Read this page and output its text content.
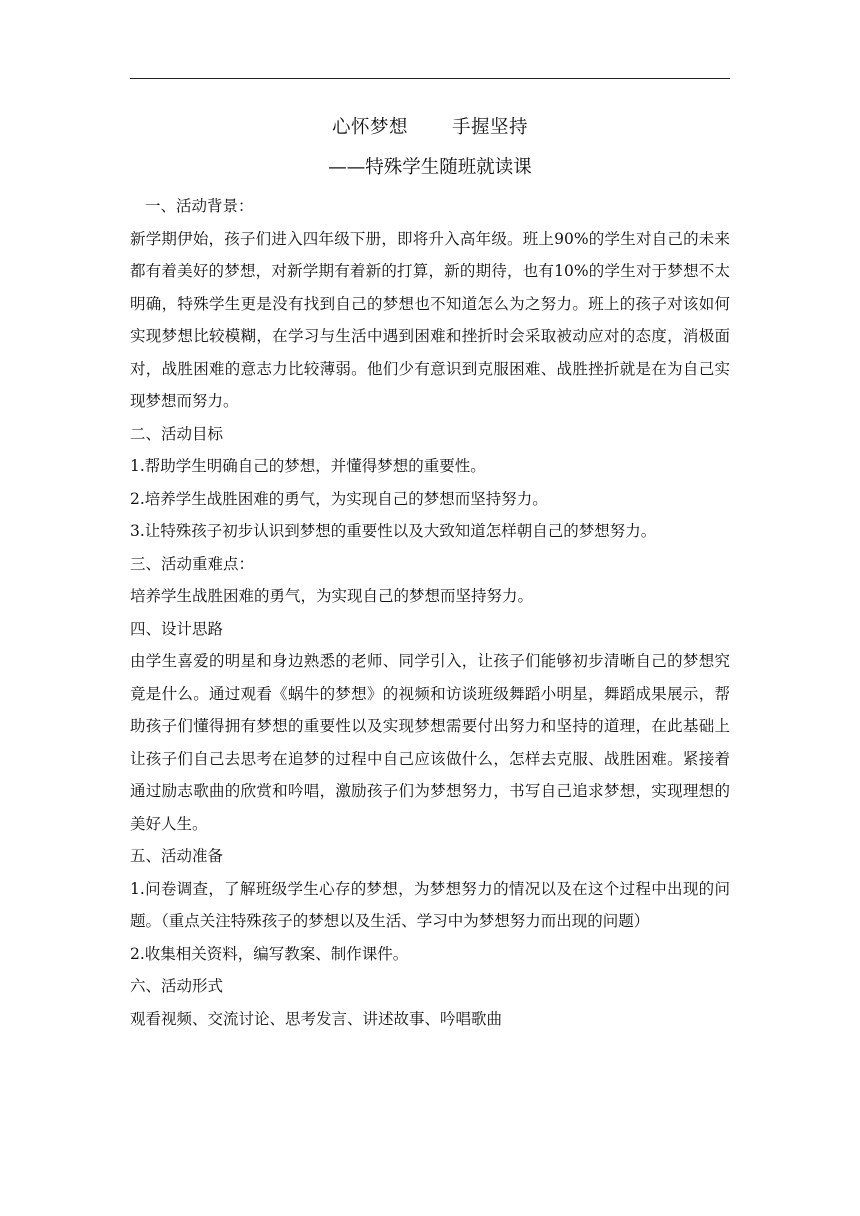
心怀梦想 手握坚持

——特殊学生随班就读课

一、活动背景：

新学期伊始，孩子们进入四年级下册，即将升入高年级。班上90%的学生对自己的未来都有着美好的梦想，对新学期有着新的打算，新的期待，也有10%的学生对于梦想不太明确，特殊学生更是没有找到自己的梦想也不知道怎么为之努力。班上的孩子对该如何实现梦想比较模糊，在学习与生活中遇到困难和挫折时会采取被动应对的态度，消极面对，战胜困难的意志力比较薄弱。他们少有意识到克服困难、战胜挫折就是在为自己实现梦想而努力。

二、活动目标

1.帮助学生明确自己的梦想，并懂得梦想的重要性。

2.培养学生战胜困难的勇气，为实现自己的梦想而坚持努力。

3.让特殊孩子初步认识到梦想的重要性以及大致知道怎样朝自己的梦想努力。

三、活动重难点：

培养学生战胜困难的勇气，为实现自己的梦想而坚持努力。

四、设计思路

由学生喜爱的明星和身边熟悉的老师、同学引入，让孩子们能够初步清晰自己的梦想究竟是什么。通过观看《蜗牛的梦想》的视频和访谈班级舞蹈小明星，舞蹈成果展示，帮助孩子们懂得拥有梦想的重要性以及实现梦想需要付出努力和坚持的道理，在此基础上让孩子们自己去思考在追梦的过程中自己应该做什么，怎样去克服、战胜困难。紧接着通过励志歌曲的欣赏和吟唱，激励孩子们为梦想努力，书写自己追求梦想，实现理想的美好人生。

五、活动准备

1.问卷调查，了解班级学生心存的梦想，为梦想努力的情况以及在这个过程中出现的问题。（重点关注特殊孩子的梦想以及生活、学习中为梦想努力而出现的问题）

2.收集相关资料，编写教案、制作课件。

六、活动形式

观看视频、交流讨论、思考发言、讲述故事、吟唱歌曲
